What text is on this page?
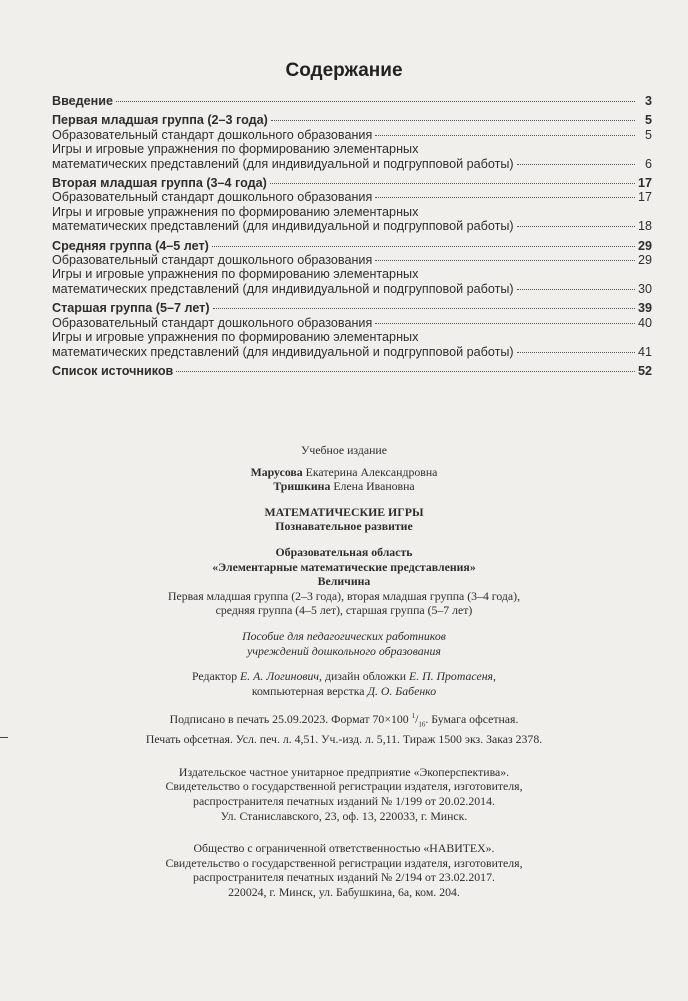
Содержание
Введение	3
Первая младшая группа (2–3 года)	5
Образовательный стандарт дошкольного образования	5
Игры и игровые упражнения по формированию элементарных
математических представлений (для индивидуальной и подгрупповой работы)	6
Вторая младшая группа (3–4 года)	17
Образовательный стандарт дошкольного образования	17
Игры и игровые упражнения по формированию элементарных
математических представлений (для индивидуальной и подгрупповой работы)	18
Средняя группа (4–5 лет)	29
Образовательный стандарт дошкольного образования	29
Игры и игровые упражнения по формированию элементарных
математических представлений (для индивидуальной и подгрупповой работы)	30
Старшая группа (5–7 лет)	39
Образовательный стандарт дошкольного образования	40
Игры и игровые упражнения по формированию элементарных
математических представлений (для индивидуальной и подгрупповой работы)	41
Список источников	52
Учебное издание
Марусова Екатерина Александровна
Тришкина Елена Ивановна
МАТЕМАТИЧЕСКИЕ ИГРЫ
Познавательное развитие
Образовательная область
«Элементарные математические представления»
Величина
Первая младшая группа (2–3 года), вторая младшая группа (3–4 года),
средняя группа (4–5 лет), старшая группа (5–7 лет)
Пособие для педагогических работников
учреждений дошкольного образования
Редактор Е. А. Логинович, дизайн обложки Е. П. Протасеня,
компьютерная верстка Д. О. Бабенко
Подписано в печать 25.09.2023. Формат 70×100 $^1/_{16}$. Бумага офсетная.
Печать офсетная. Усл. печ. л. 4,51. Уч.-изд. л. 5,11. Тираж 1500 экз. Заказ 2378.
Издательское частное унитарное предприятие «Экоперспектива».
Свидетельство о государственной регистрации издателя, изготовителя,
распространителя печатных изданий № 1/199 от 20.02.2014.
Ул. Станиславского, 23, оф. 13, 220033, г. Минск.
Общество с ограниченной ответственностью «НАВИТЕХ».
Свидетельство о государственной регистрации издателя, изготовителя,
распространителя печатных изданий № 2/194 от 23.02.2017.
220024, г. Минск, ул. Бабушкина, 6а, ком. 204.
